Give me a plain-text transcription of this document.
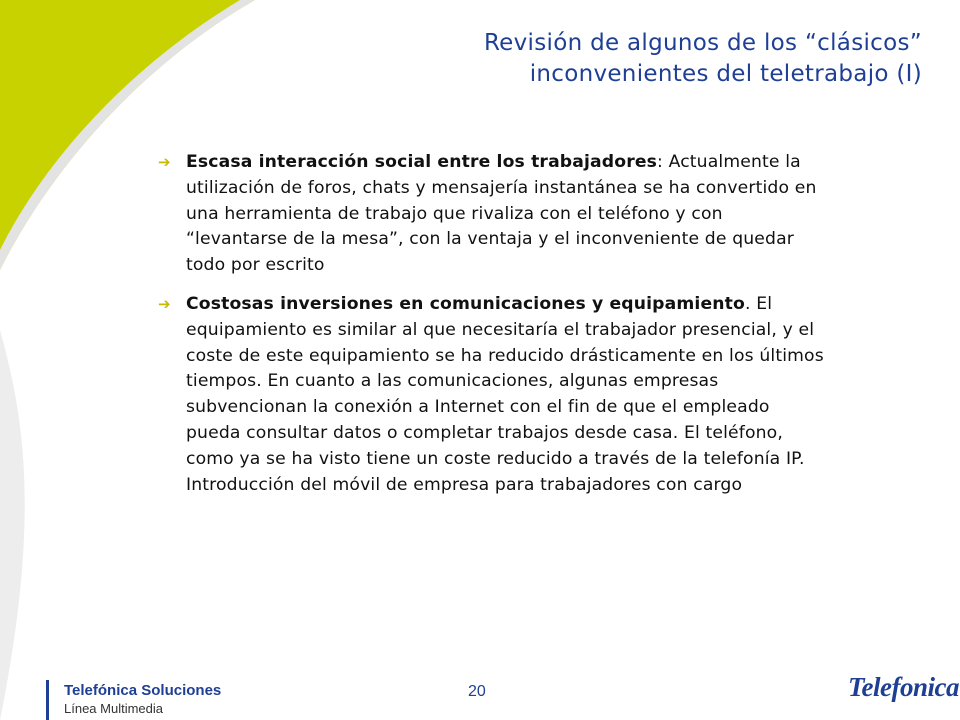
Revisión de algunos de los “clásicos”
inconvenientes del teletrabajo (I)
➔ Escasa interacción social entre los trabajadores: Actualmente la utilización de foros, chats y mensajería instantánea se ha convertido en una herramienta de trabajo que rivaliza con el teléfono y con “levantarse de la mesa”, con la ventaja y el inconveniente de quedar todo por escrito
➔ Costosas inversiones en comunicaciones y equipamiento. El equipamiento es similar al que necesitaría el trabajador presencial, y el coste de este equipamiento se ha reducido drásticamente en los últimos tiempos. En cuanto a las comunicaciones, algunas empresas subvencionan la conexión a Internet con el fin de que el empleado pueda consultar datos o completar trabajos desde casa. El teléfono, como ya se ha visto tiene un coste reducido a través de la telefonía IP. Introducción del móvil de empresa para trabajadores con cargo
Telefónica Soluciones
Línea Multimedia
20	Telefonica
